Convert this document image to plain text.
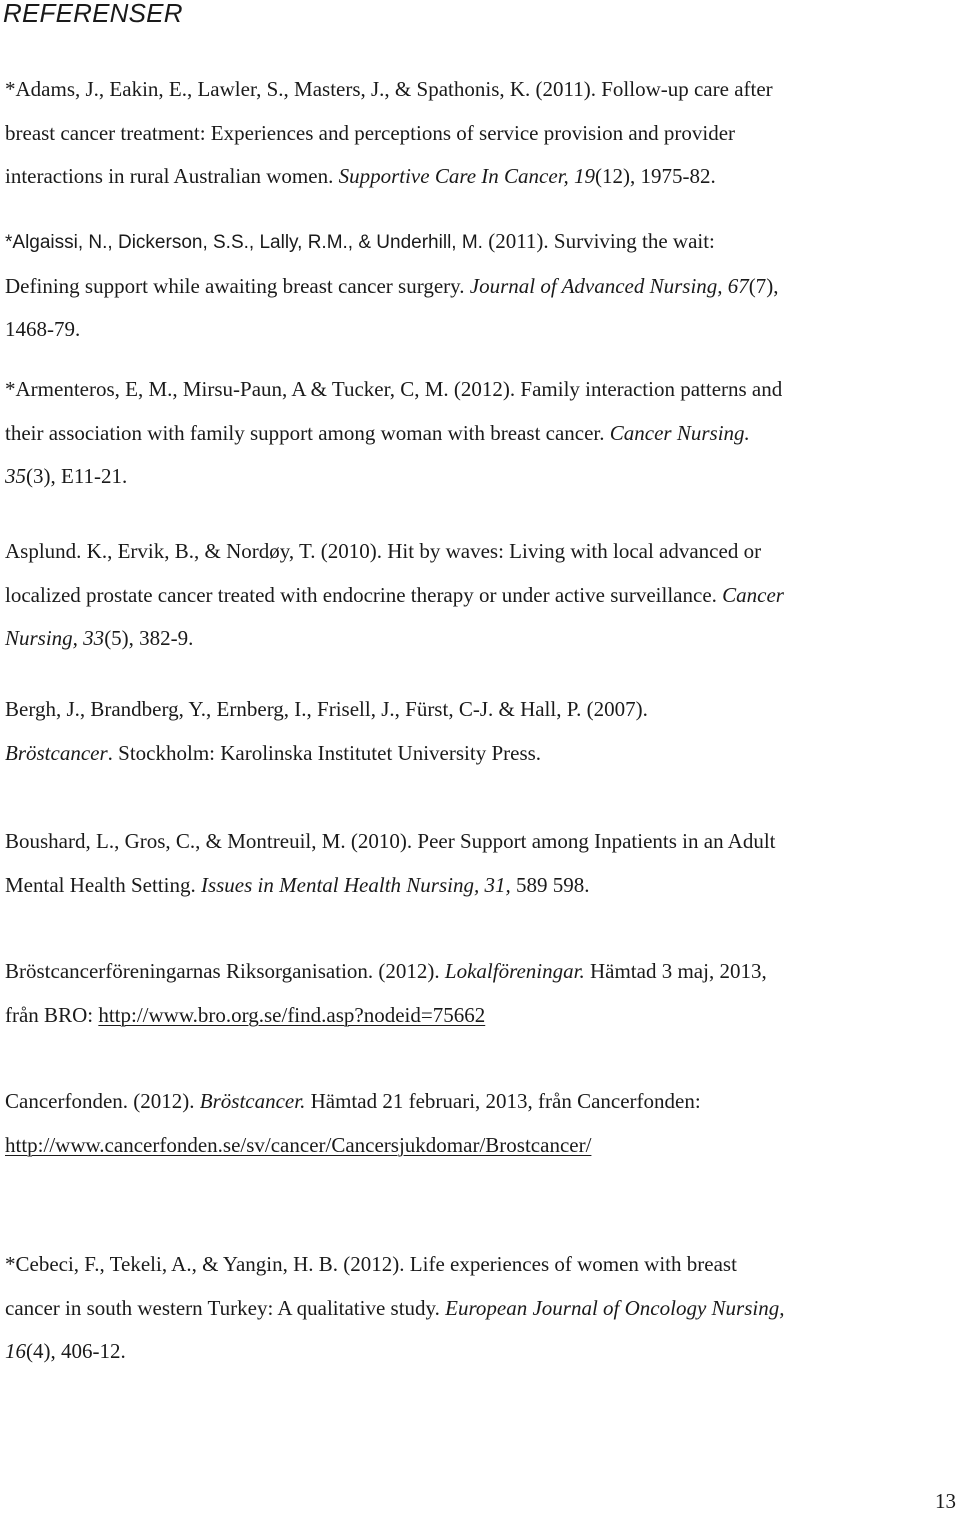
REFERENSER

*Adams, J., Eakin, E., Lawler, S., Masters, J., & Spathonis, K. (2011). Follow-up care after
breast cancer treatment: Experiences and perceptions of service provision and provider
interactions in rural Australian women. Supportive Care In Cancer, 19(12), 1975-82.

*Algaissi, N., Dickerson, S.S., Lally, R.M., & Underhill, M. (2011). Surviving the wait:
Defining support while awaiting breast cancer surgery. Journal of Advanced Nursing, 67(7),
1468-79.

*Armenteros, E, M., Mirsu-Paun, A & Tucker, C, M. (2012). Family interaction patterns and
their association with family support among woman with breast cancer. Cancer Nursing.
35(3), E11-21.

Asplund. K., Ervik, B., & Nordøy, T. (2010). Hit by waves: Living with local advanced or
localized prostate cancer treated with endocrine therapy or under active surveillance. Cancer
Nursing, 33(5), 382-9.

Bergh, J., Brandberg, Y., Ernberg, I., Frisell, J., Fürst, C-J. & Hall, P. (2007).
Bröstcancer. Stockholm: Karolinska Institutet University Press.

Boushard, L., Gros, C., & Montreuil, M. (2010). Peer Support among Inpatients in an Adult
Mental Health Setting. Issues in Mental Health Nursing, 31, 589 598.

Bröstcancerföreningarnas Riksorganisation. (2012). Lokalföreningar. Hämtad 3 maj, 2013,
från BRO: http://www.bro.org.se/find.asp?nodeid=75662

Cancerfonden. (2012). Bröstcancer. Hämtad 21 februari, 2013, från Cancerfonden:
http://www.cancerfonden.se/sv/cancer/Cancersjukdomar/Brostcancer/

*Cebeci, F., Tekeli, A., & Yangin, H. B. (2012). Life experiences of women with breast
cancer in south western Turkey: A qualitative study. European Journal of Oncology Nursing,
16(4), 406-12.

13
